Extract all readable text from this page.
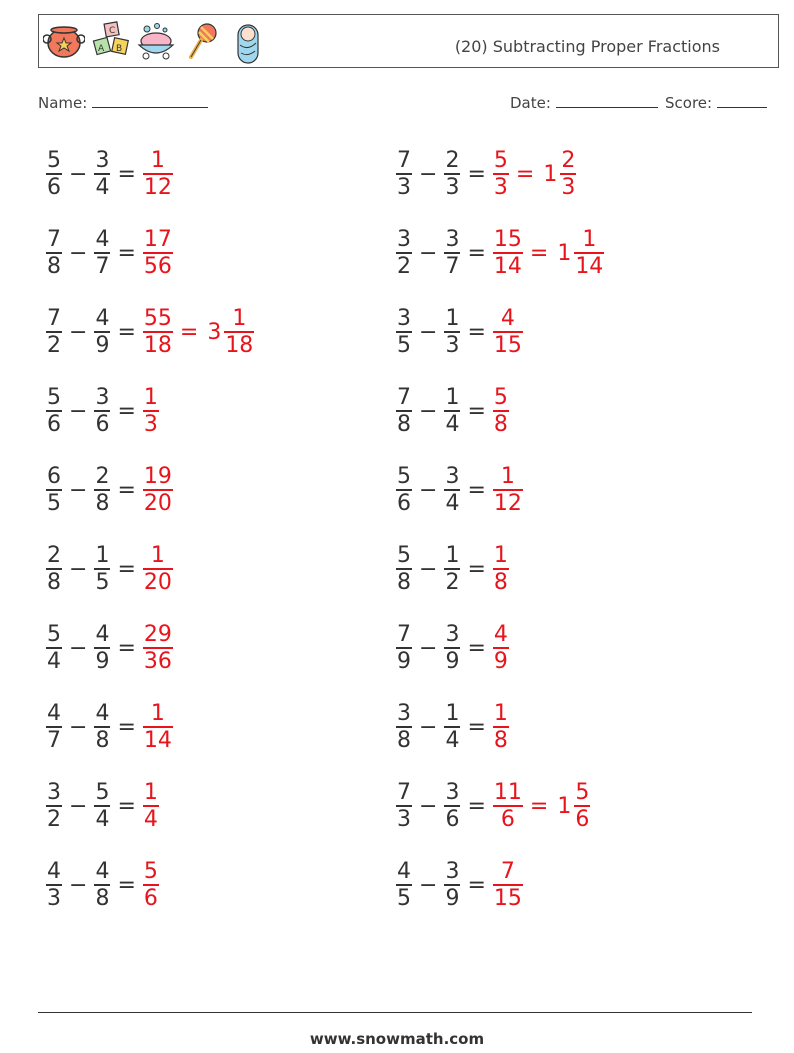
C
A B	(20) Subtracting Proper Fractions
Name:	Date:	Score:
$\frac{5}{6} - \frac{3}{4} = \frac{1}{12}$	$\frac{7}{3} - \frac{2}{3} = \frac{5}{3} = 1 \frac{2}{3}$
$\frac{7}{8} - \frac{4}{7} = \frac{17}{56}$	$\frac{3}{2} - \frac{3}{7} = \frac{15}{14} = 1 \frac{1}{14}$
$\frac{7}{2} - \frac{4}{9} = \frac{55}{18} = 3 \frac{1}{18}$	$\frac{3}{5} - \frac{1}{3} = \frac{4}{15}$
$\frac{5}{6} - \frac{3}{6} = \frac{1}{3}$	$\frac{7}{8} - \frac{1}{4} = \frac{5}{8}$
$\frac{6}{5} - \frac{2}{8} = \frac{19}{20}$	$\frac{5}{6} - \frac{3}{4} = \frac{1}{12}$
$\frac{2}{8} - \frac{1}{5} = \frac{1}{20}$	$\frac{5}{8} - \frac{1}{2} = \frac{1}{8}$
$\frac{5}{4} - \frac{4}{9} = \frac{29}{36}$	$\frac{7}{9} - \frac{3}{9} = \frac{4}{9}$
$\frac{4}{7} - \frac{4}{8} = \frac{1}{14}$	$\frac{3}{8} - \frac{1}{4} = \frac{1}{8}$
$\frac{3}{2} - \frac{5}{4} = \frac{1}{4}$	$\frac{7}{3} - \frac{3}{6} = \frac{11}{6} = 1 \frac{5}{6}$
$\frac{4}{3} - \frac{4}{8} = \frac{5}{6}$	$\frac{4}{5} - \frac{3}{9} = \frac{7}{15}$
www.snowmath.com
